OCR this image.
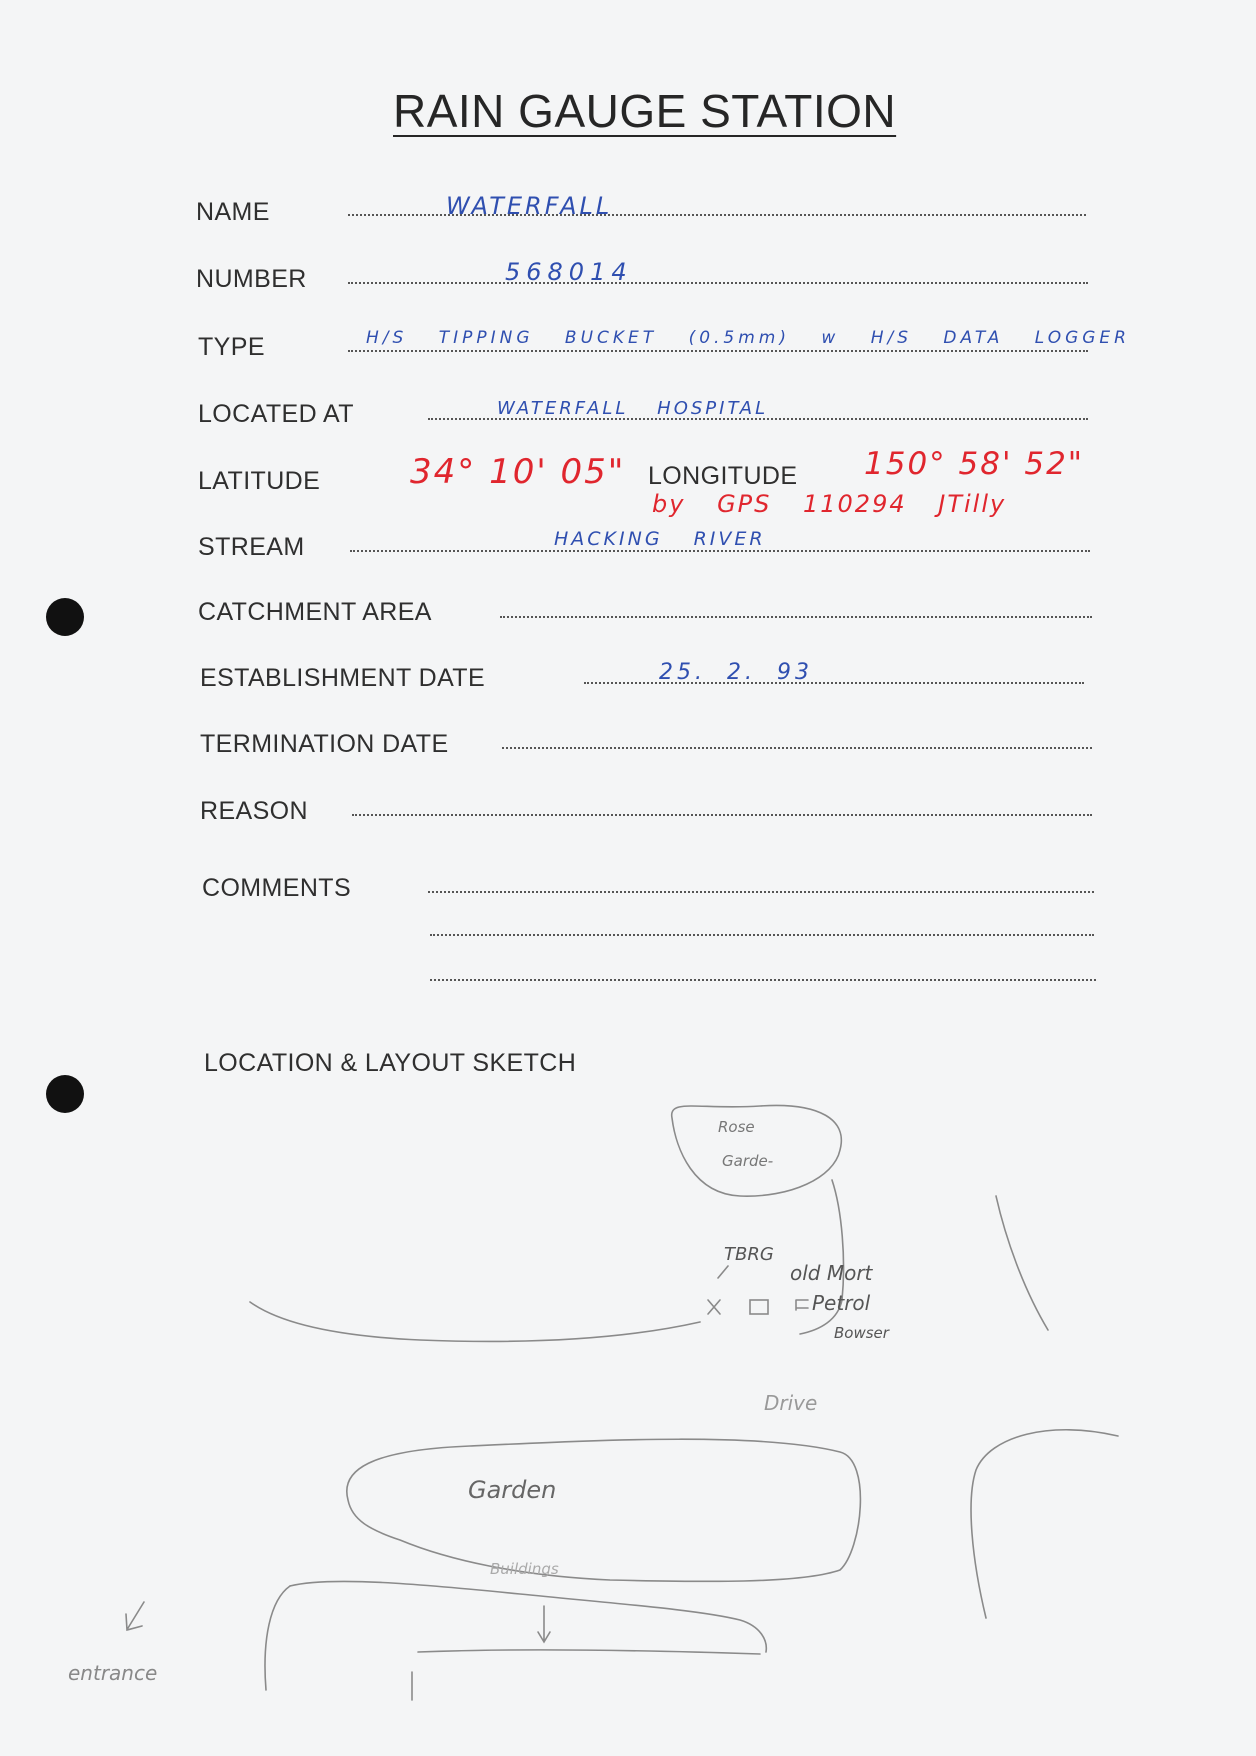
RAIN GAUGE STATION
NAME	WATERFALL
NUMBER	568014
TYPE	H/S TIPPING BUCKET (0.5mm) w H/S DATA LOGGER
LOCATED AT	WATERFALL HOSPITAL
LATITUDE	34° 10' 05" LONGITUDE 150° 58' 52"
by GPS 110294 JTilly
STREAM	HACKING RIVER
CATCHMENT AREA
ESTABLISHMENT DATE	25. 2. 93
TERMINATION DATE
REASON
COMMENTS
LOCATION & LAYOUT SKETCH
Rose
Garde-
TBRG
old Mort
Petrol
Bowser
Drive
Garden
Buildings
entrance
